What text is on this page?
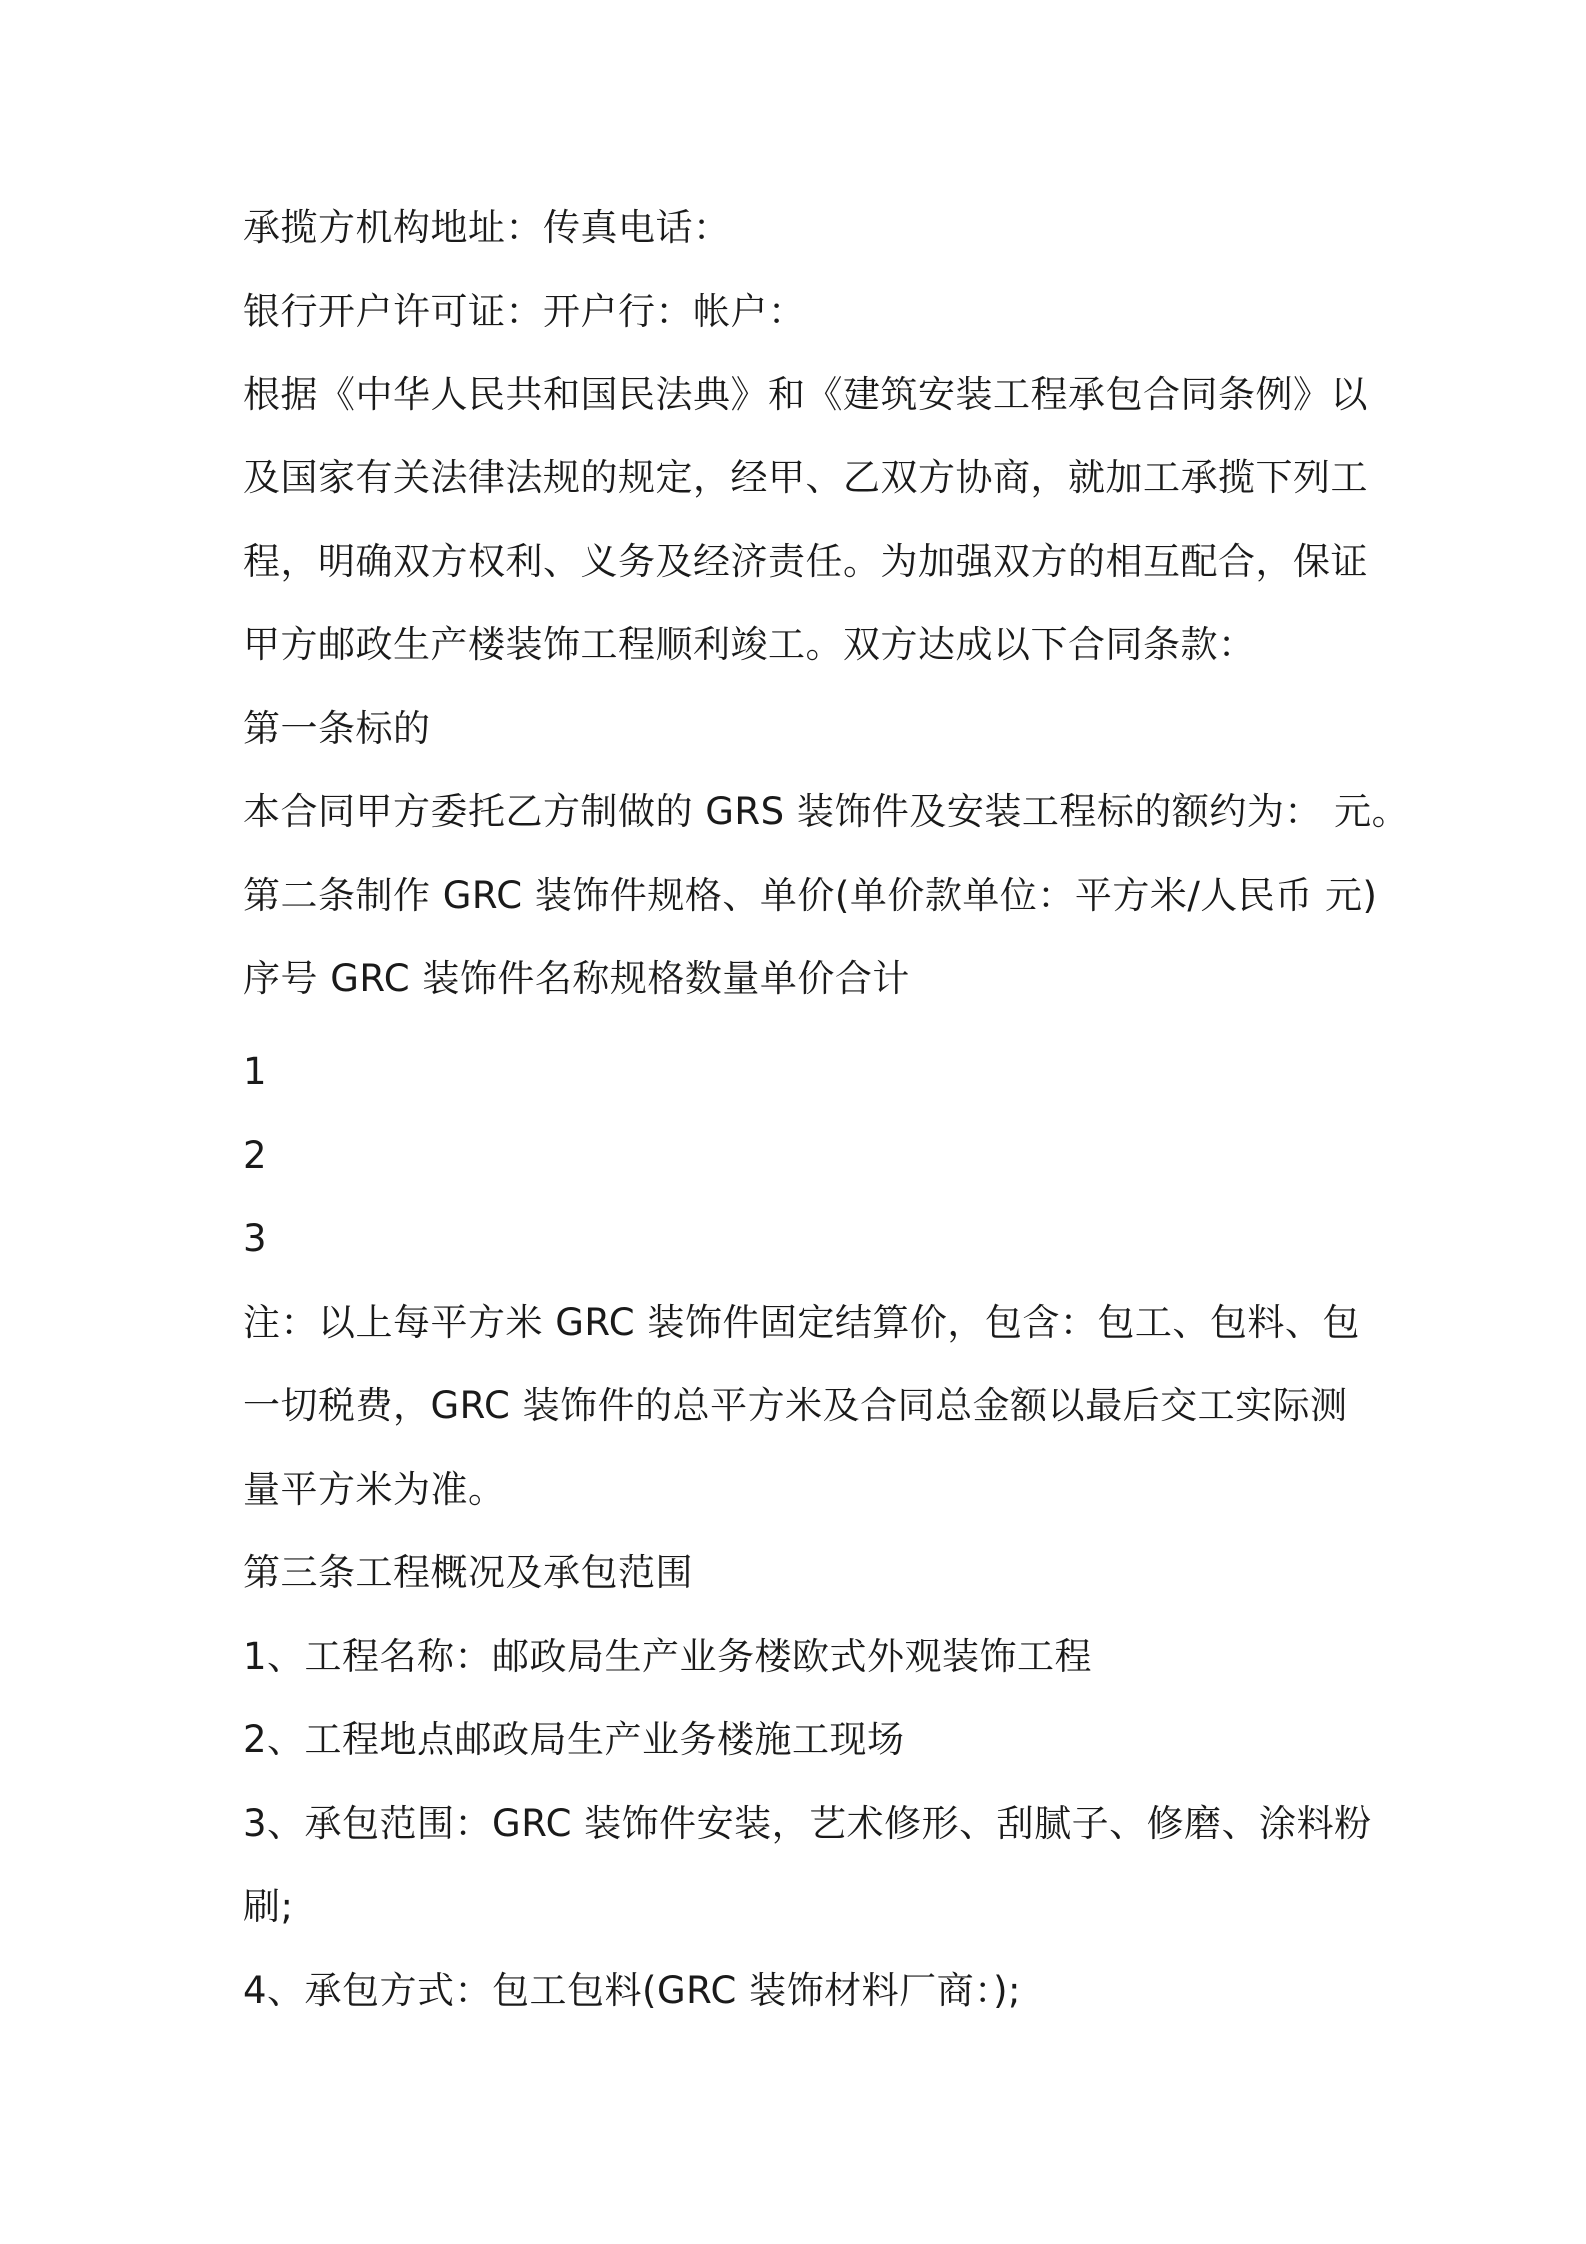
承揽方机构地址：传真电话：
银行开户许可证：开户行：帐户：
根据《中华人民共和国民法典》和《建筑安装工程承包合同条例》以
及国家有关法律法规的规定，经甲、乙双方协商，就加工承揽下列工
程，明确双方权利、义务及经济责任。为加强双方的相互配合，保证
甲方邮政生产楼装饰工程顺利竣工。双方达成以下合同条款：
第一条标的
本合同甲方委托乙方制做的 GRS 装饰件及安装工程标的额约为： 元。
第二条制作 GRC 装饰件规格、单价(单价款单位：平方米/人民币 元)
序号 GRC 装饰件名称规格数量单价合计
1
2
3
注：以上每平方米 GRC 装饰件固定结算价，包含：包工、包料、包
一切税费，GRC 装饰件的总平方米及合同总金额以最后交工实际测
量平方米为准。
第三条工程概况及承包范围
1、工程名称：邮政局生产业务楼欧式外观装饰工程
2、工程地点邮政局生产业务楼施工现场
3、承包范围：GRC 装饰件安装，艺术修形、刮腻子、修磨、涂料粉
刷;
4、承包方式：包工包料(GRC 装饰材料厂商：);
